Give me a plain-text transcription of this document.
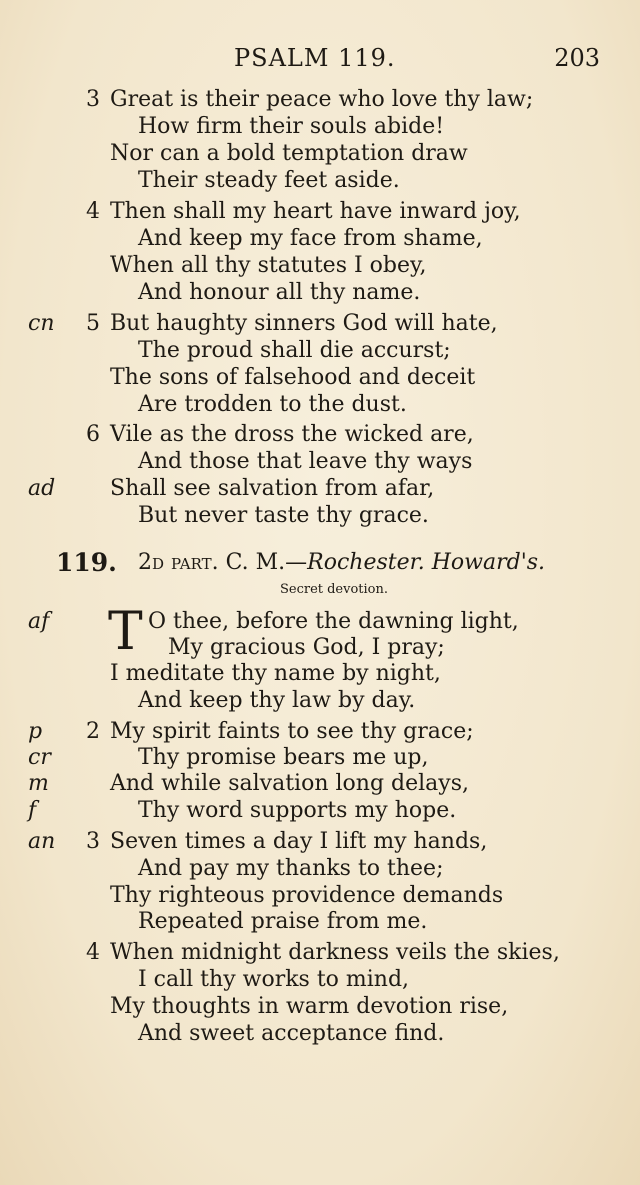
PSALM 119.	203
3 Great is their peace who love thy law;
How firm their souls abide!
Nor can a bold temptation draw
Their steady feet aside.
4 Then shall my heart have inward joy,
And keep my face from shame,
When all thy statutes I obey,
And honour all thy name.
cn 5 But haughty sinners God will hate,
The proud shall die accurst;
The sons of falsehood and deceit
Are trodden to the dust.
6 Vile as the dross the wicked are,
And those that leave thy ways
ad Shall see salvation from afar,
But never taste thy grace.
119. 2d part. C. M.—Rochester. Howard's.
Secret devotion.
T
af	O thee, before the dawning light,
My gracious God, I pray;
I meditate thy name by night,
And keep thy law by day.
p 2 My spirit faints to see thy grace;
cr	Thy promise bears me up,
m	And while salvation long delays,
f	Thy word supports my hope.
an 3 Seven times a day I lift my hands,
And pay my thanks to thee;
Thy righteous providence demands
Repeated praise from me.
4 When midnight darkness veils the skies,
I call thy works to mind,
My thoughts in warm devotion rise,
And sweet acceptance find.
